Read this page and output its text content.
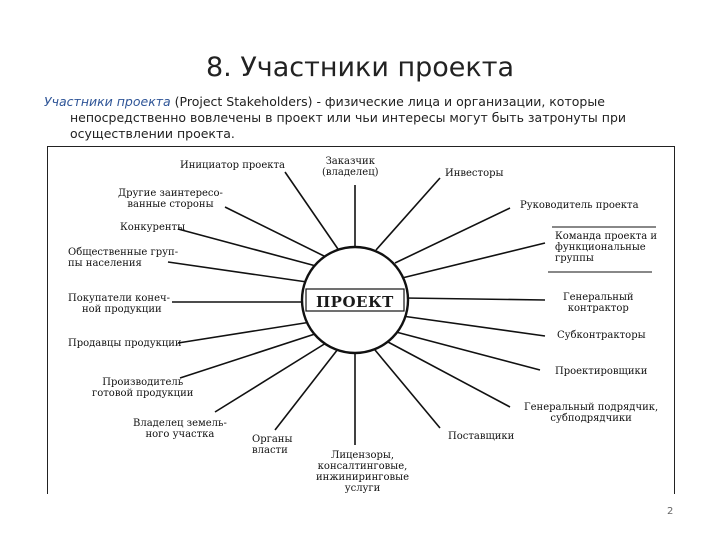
8. Участники проекта
Участники проекта (Project Stakeholders) - физические лица и организации, которые
непосредственно вовлечены в проект или чьи интересы могут быть затронуты при
осуществлении проекта.
ПРОЕКТ
Инициатор проекта	Заказчик
(владелец)	Инвесторы
Руководитель проекта
Команда проекта и
функциональные
группы
Генеральный
контрактор
Субконтракторы
Проектировщики
Генеральный подрядчик,
субподрядчики
Поставщики
Лицензоры,
консалтинговые,
инжиниринговые
услуги
Органы
власти
Владелец земель-
ного участка
Производитель
готовой продукции
Продавцы продукции
Покупатели конеч-
ной продукции
Общественные груп-
пы населения
Конкуренты
Другие заинтересо-
ванные стороны
2
